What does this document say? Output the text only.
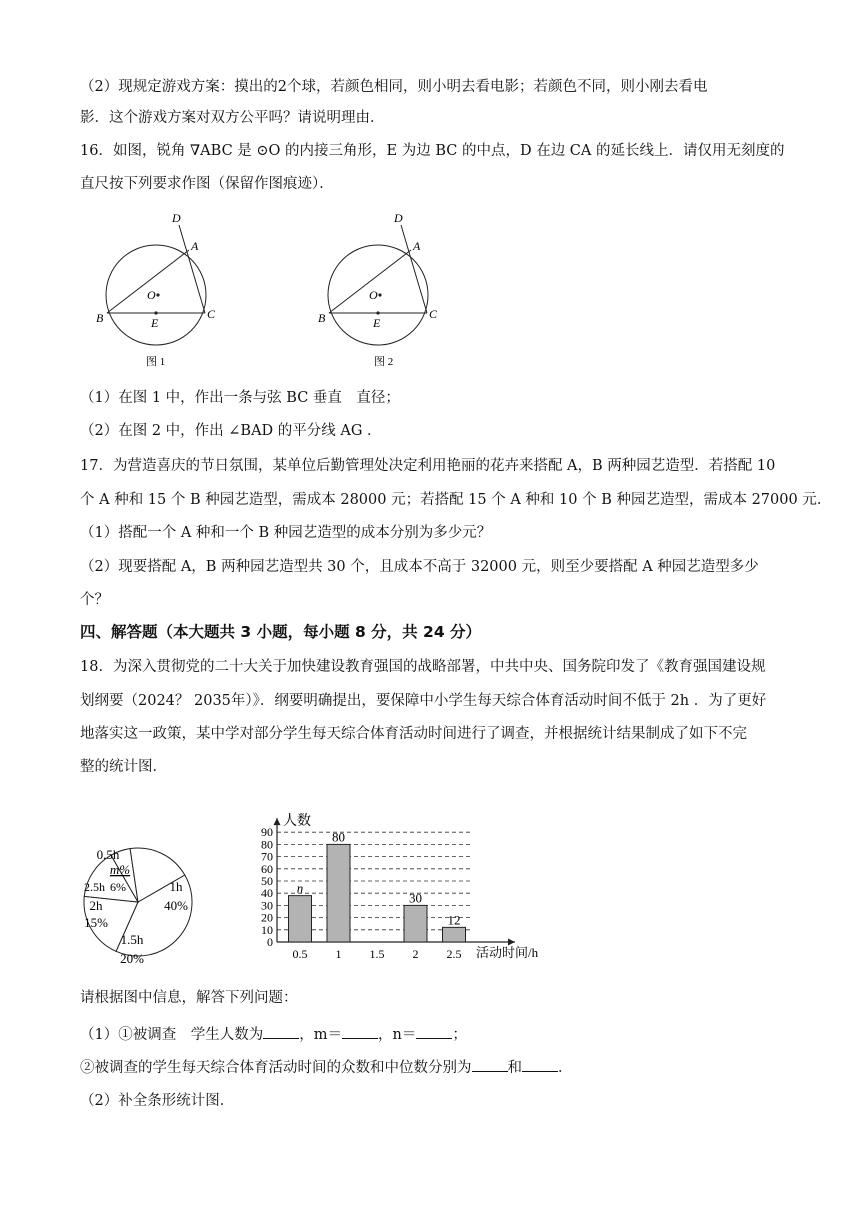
（2）现规定游戏方案：摸出的2个球，若颜色相同，则小明去看电影；若颜色不同，则小刚去看电
影．这个游戏方案对双方公平吗？请说明理由．
16．如图，锐角 ∇ABC 是 ⊙O 的内接三角形，E 为边 BC 的中点，D 在边 CA 的延长线上．请仅用无刻度的
直尺按下列要求作图（保留作图痕迹）．
D
A
O
B	E
C
图 1
D
A
O
B	E
C
图 2
（1）在图 1 中，作出一条与弦 BC 垂直　直径；
（2）在图 2 中，作出 ∠BAD 的平分线 AG ．
17．为营造喜庆的节日氛围，某单位后勤管理处决定利用艳丽的花卉来搭配 A，B 两种园艺造型．若搭配 10
个 A 种和 15 个 B 种园艺造型，需成本 28000 元；若搭配 15 个 A 种和 10 个 B 种园艺造型，需成本 27000 元．
（1）搭配一个 A 种和一个 B 种园艺造型的成本分别为多少元？
（2）现要搭配 A，B 两种园艺造型共 30 个，且成本不高于 32000 元，则至少要搭配 A 种园艺造型多少
个？
四、解答题（本大题共 3 小题，每小题 8 分，共 24 分）
18．为深入贯彻党的二十大关于加快建设教育强国的战略部署，中共中央、国务院印发了《教育强国建设规
划纲要（2024？ 2035年）》．纲要明确提出，要保障中小学生每天综合体育活动时间不低于 2h ．为了更好
地落实这一政策，某中学对部分学生每天综合体育活动时间进行了调查，并根据统计结果制成了如下不完
整的统计图．
1h
40%
1.5h
20%
2h
15%
2.5h 6%
0.5h
m%
0
10
20
30
40
50
60
70
80
90
人数
活动时间/h
0.5
n
1
80
1.5 2
30
2.5
12
请根据图中信息，解答下列问题：
（1）①被调查　学生人数为 ，m＝ ，n＝ ；
②被调查的学生每天综合体育活动时间的众数和中位数分别为 和 ．
（2）补全条形统计图．
